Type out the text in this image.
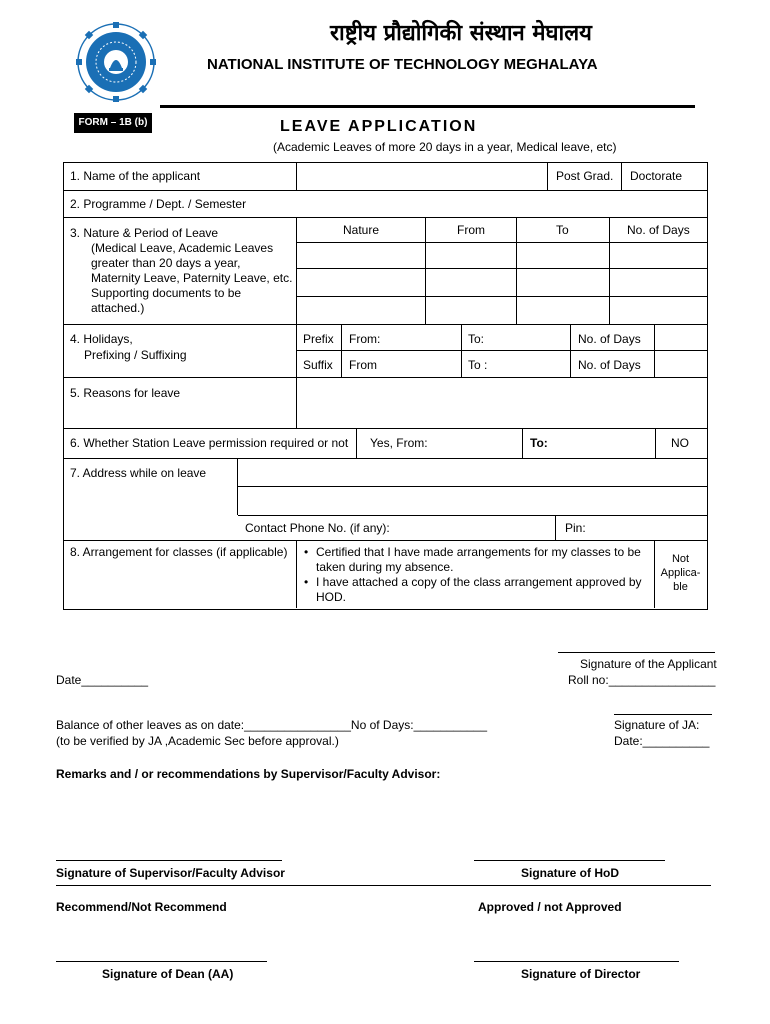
राष्ट्रीय प्रौद्योगिकी संस्थान मेघालय
NATIONAL INSTITUTE OF TECHNOLOGY MEGHALAYA
FORM – 1B (b)	LEAVE APPLICATION
(Academic Leaves of more 20 days in a year, Medical leave, etc)
1. Name of the applicant	Post Grad. Doctorate
2. Programme / Dept. / Semester
3. Nature & Period of Leave
(Medical Leave, Academic Leaves
greater than 20 days a year,
Maternity Leave, Paternity Leave, etc.
Supporting documents to be
attached.)
Nature	From	To	No. of Days
4. Holidays,
Prefixing / Suffixing
Prefix From:	To:	No. of Days
Suffix From	To :	No. of Days
5. Reasons for leave
6. Whether Station Leave permission required or not Yes, From:	To:	NO
7. Address while on leave
Contact Phone No. (if any):	Pin:
8. Arrangement for classes (if applicable)
• Certified that I have made arrangements for my classes to be
taken during my absence.
• I have attached a copy of the class arrangement approved by
HOD.
Not
Applica-
ble
Signature of the Applicant
Roll no:________________
Date__________
Balance of other leaves as on date:________________No of Days:___________
(to be verified by JA ,Academic Sec before approval.)
Signature of JA:
Date:__________
Remarks and / or recommendations by Supervisor/Faculty Advisor:
Signature of Supervisor/Faculty Advisor	Signature of HoD
Recommend/Not Recommend	Approved / not Approved
Signature of Dean (AA)	Signature of Director
